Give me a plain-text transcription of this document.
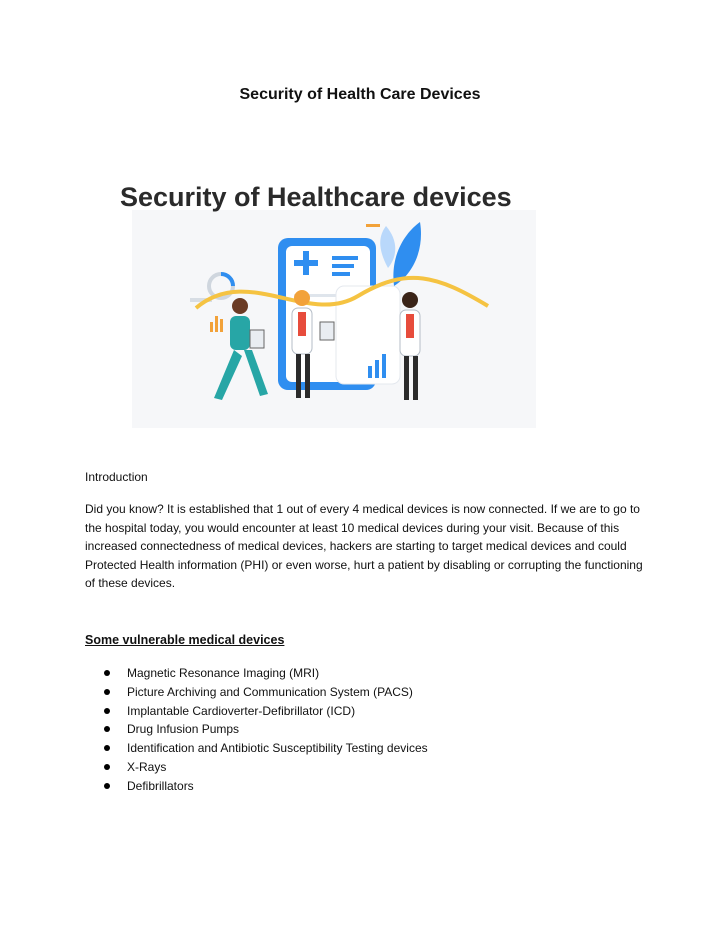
Security of Health Care Devices
Security of Healthcare devices
Introduction
Did you know? It is established that 1 out of every 4 medical devices is now connected. If we are to go to the hospital today, you would encounter at least 10 medical devices during your visit. Because of this increased connectedness of medical devices, hackers are starting to target medical devices and could Protected Health information (PHI) or even worse, hurt a patient by disabling or corrupting the functioning of these devices.
Some vulnerable medical devices
Magnetic Resonance Imaging (MRI)
Picture Archiving and Communication System (PACS)
Implantable Cardioverter-Defibrillator (ICD)
Drug Infusion Pumps
Identification and Antibiotic Susceptibility Testing devices
X-Rays
Defibrillators
